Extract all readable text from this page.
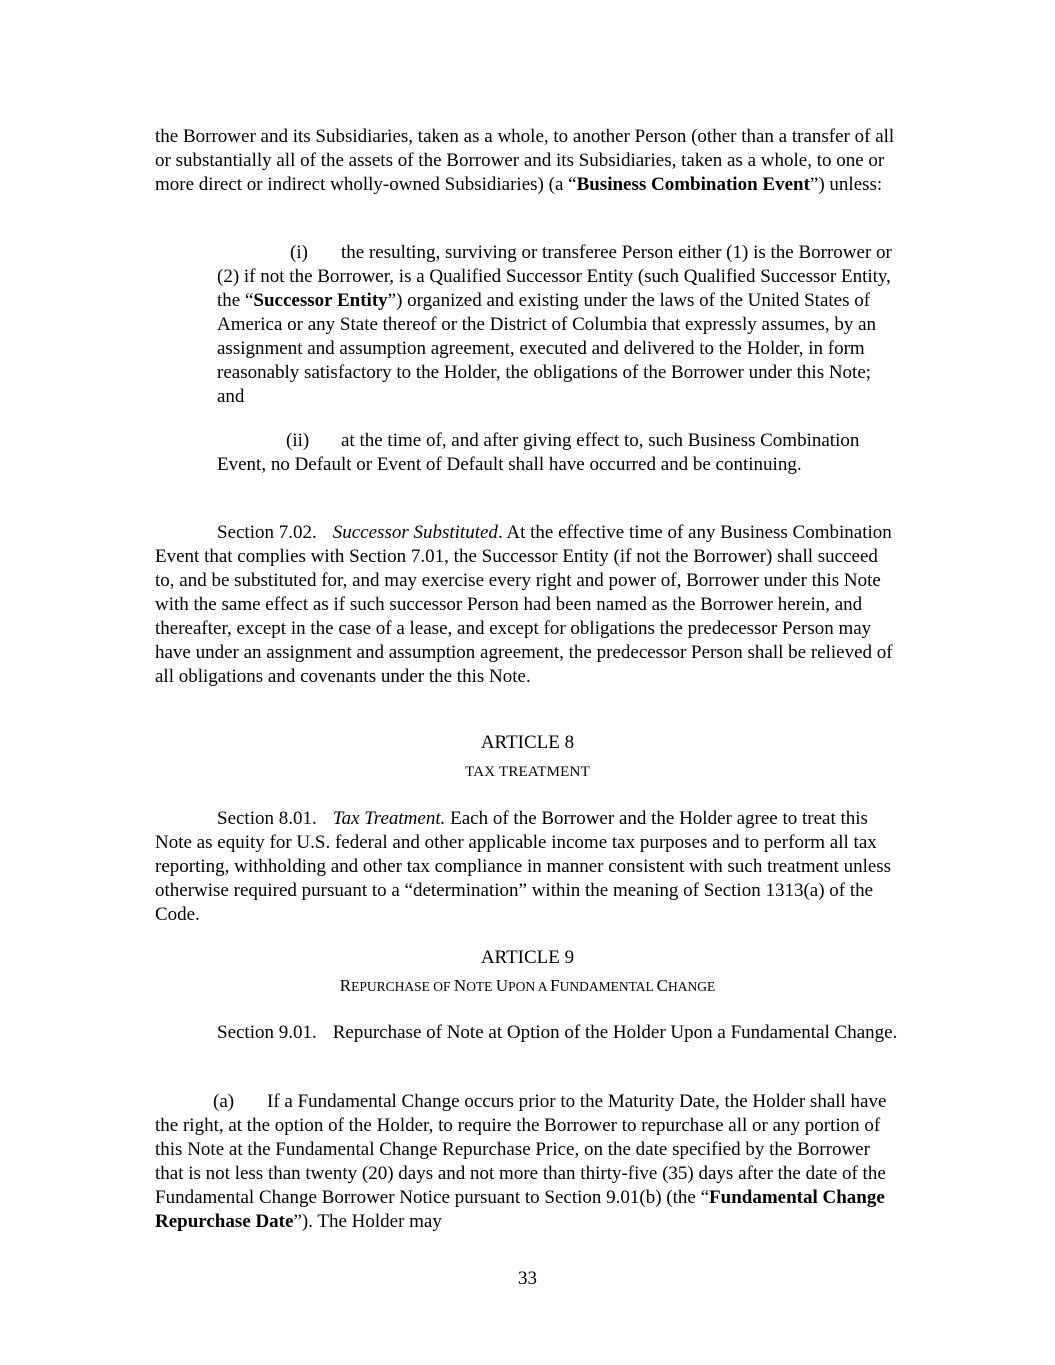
the Borrower and its Subsidiaries, taken as a whole, to another Person (other than a transfer of all or substantially all of the assets of the Borrower and its Subsidiaries, taken as a whole, to one or more direct or indirect wholly-owned Subsidiaries) (a “Business Combination Event”) unless:

(i) the resulting, surviving or transferee Person either (1) is the Borrower or (2) if not the Borrower, is a Qualified Successor Entity (such Qualified Successor Entity, the “Successor Entity”) organized and existing under the laws of the United States of America or any State thereof or the District of Columbia that expressly assumes, by an assignment and assumption agreement, executed and delivered to the Holder, in form reasonably satisfactory to the Holder, the obligations of the Borrower under this Note; and

(ii) at the time of, and after giving effect to, such Business Combination Event, no Default or Event of Default shall have occurred and be continuing.

Section 7.02. Successor Substituted. At the effective time of any Business Combination Event that complies with Section 7.01, the Successor Entity (if not the Borrower) shall succeed to, and be substituted for, and may exercise every right and power of, Borrower under this Note with the same effect as if such successor Person had been named as the Borrower herein, and thereafter, except in the case of a lease, and except for obligations the predecessor Person may have under an assignment and assumption agreement, the predecessor Person shall be relieved of all obligations and covenants under the this Note.

ARTICLE 8

TAX TREATMENT

Section 8.01. Tax Treatment. Each of the Borrower and the Holder agree to treat this Note as equity for U.S. federal and other applicable income tax purposes and to perform all tax reporting, withholding and other tax compliance in manner consistent with such treatment unless otherwise required pursuant to a “determination” within the meaning of Section 1313(a) of the Code.

ARTICLE 9

REPURCHASE OF NOTE UPON A FUNDAMENTAL CHANGE

Section 9.01. Repurchase of Note at Option of the Holder Upon a Fundamental Change.

(a) If a Fundamental Change occurs prior to the Maturity Date, the Holder shall have the right, at the option of the Holder, to require the Borrower to repurchase all or any portion of this Note at the Fundamental Change Repurchase Price, on the date specified by the Borrower that is not less than twenty (20) days and not more than thirty-five (35) days after the date of the Fundamental Change Borrower Notice pursuant to Section 9.01(b) (the “Fundamental Change Repurchase Date”). The Holder may

33
